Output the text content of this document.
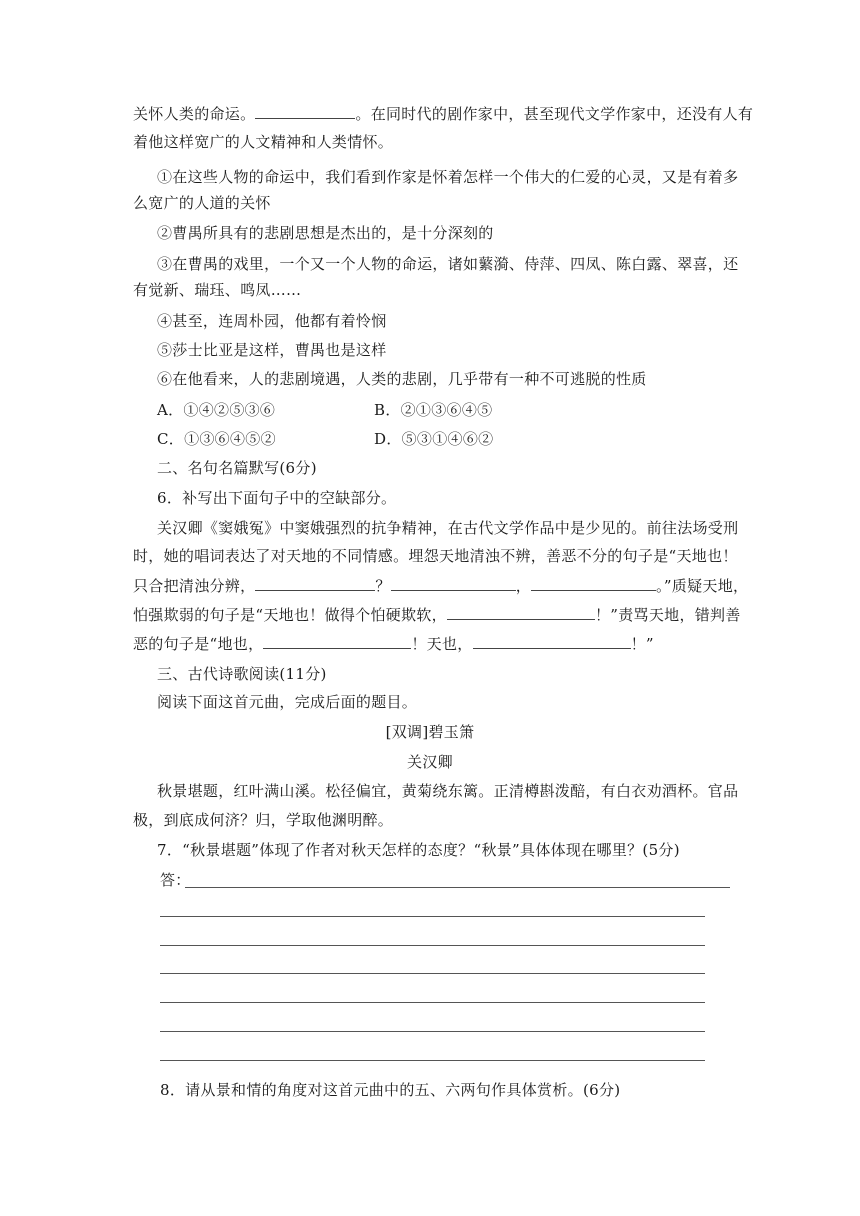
关怀人类的命运。	。在同时代的剧作家中，甚至现代文学作家中，还没有人有
着他这样宽广的人文精神和人类情怀。
①在这些人物的命运中，我们看到作家是怀着怎样一个伟大的仁爱的心灵，又是有着多
么宽广的人道的关怀
②曹禺所具有的悲剧思想是杰出的，是十分深刻的
③在曹禺的戏里，一个又一个人物的命运，诸如蘩漪、侍萍、四凤、陈白露、翠喜，还
有觉新、瑞珏、鸣凤……
④甚至，连周朴园，他都有着怜悯
⑤莎士比亚是这样，曹禺也是这样
⑥在他看来，人的悲剧境遇，人类的悲剧，几乎带有一种不可逃脱的性质
A．①④②⑤③⑥	B．②①③⑥④⑤
C．①③⑥④⑤②	D．⑤③①④⑥②
二、名句名篇默写(6分)
6．补写出下面句子中的空缺部分。
关汉卿《窦娥冤》中窦娥强烈的抗争精神，在古代文学作品中是少见的。前往法场受刑
时，她的唱词表达了对天地的不同情感。埋怨天地清浊不辨，善恶不分的句子是“天地也！
只合把清浊分辨，	？	，	。”质疑天地，
怕强欺弱的句子是“天地也！做得个怕硬欺软，	！”责骂天地，错判善
恶的句子是“地也，	！天也，	！”
三、古代诗歌阅读(11分)
阅读下面这首元曲，完成后面的题目。
[双调]碧玉箫
关汉卿
秋景堪题，红叶满山溪。松径偏宜，黄菊绕东篱。正清樽斟泼醅，有白衣劝酒杯。官品
极，到底成何济？归，学取他渊明醉。
7．“秋景堪题”体现了作者对秋天怎样的态度？“秋景”具体体现在哪里？(5分)
答：
8．请从景和情的角度对这首元曲中的五、六两句作具体赏析。(6分)
